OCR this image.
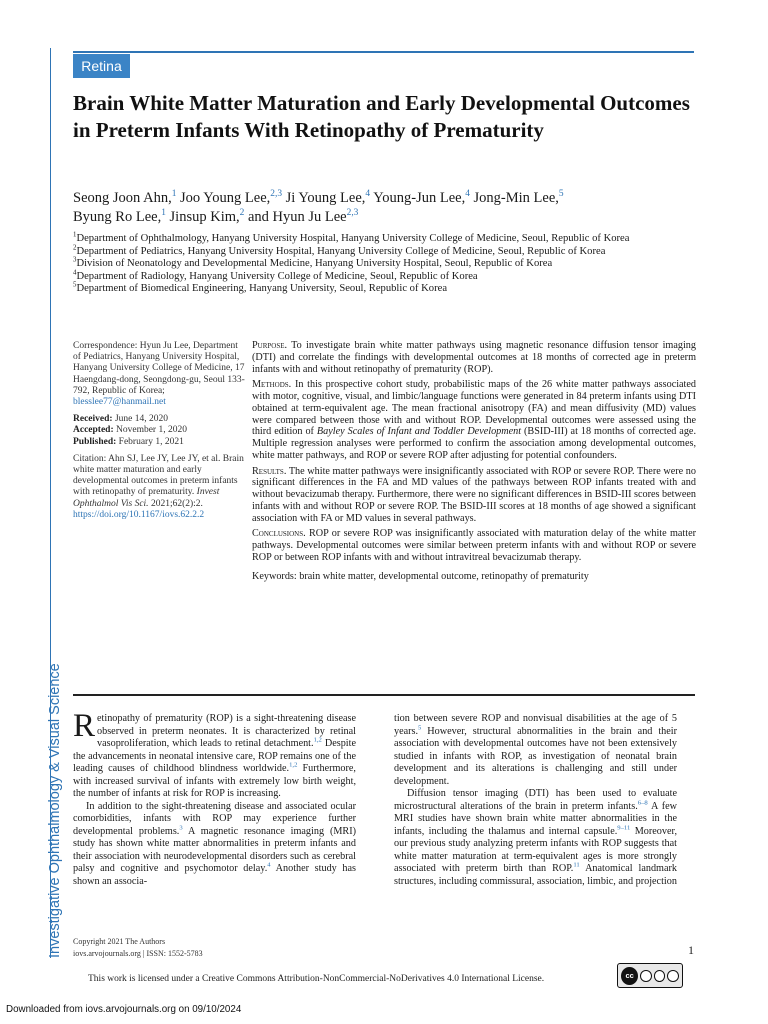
Investigative Ophthalmology & Visual Science
Retina
Brain White Matter Maturation and Early Developmental Outcomes in Preterm Infants With Retinopathy of Prematurity
Seong Joon Ahn,$^1$ Joo Young Lee,$^{2,3}$ Ji Young Lee,$^4$ Young-Jun Lee,$^4$ Jong-Min Lee,$^5$
Byung Ro Lee,$^1$ Jinsup Kim,$^2$ and Hyun Ju Lee$^{2,3}$
$^1$Department of Ophthalmology, Hanyang University Hospital, Hanyang University College of Medicine, Seoul, Republic of Korea
$^2$Department of Pediatrics, Hanyang University Hospital, Hanyang University College of Medicine, Seoul, Republic of Korea
$^3$Division of Neonatology and Developmental Medicine, Hanyang University Hospital, Seoul, Republic of Korea
$^4$Department of Radiology, Hanyang University College of Medicine, Seoul, Republic of Korea
$^5$Department of Biomedical Engineering, Hanyang University, Seoul, Republic of Korea
Correspondence: Hyun Ju Lee, Department of Pediatrics, Hanyang University Hospital, Hanyang University College of Medicine, 17 Haengdang-dong, Seongdong-gu, Seoul 133-792, Republic of Korea;
blesslee77@hanmail.net
Received: June 14, 2020
Accepted: November 1, 2020
Published: February 1, 2021
Citation: Ahn SJ, Lee JY, Lee JY, et al. Brain white matter maturation and early developmental outcomes in preterm infants with retinopathy of prematurity. Invest Ophthalmol Vis Sci. 2021;62(2):2.
https://doi.org/10.1167/iovs.62.2.2

Purpose. To investigate brain white matter pathways using magnetic resonance diffusion tensor imaging (DTI) and correlate the findings with developmental outcomes at 18 months of corrected age in preterm infants with and without retinopathy of prematurity (ROP).

Methods. In this prospective cohort study, probabilistic maps of the 26 white matter pathways associated with motor, cognitive, visual, and limbic/language functions were generated in 84 preterm infants using DTI obtained at term-equivalent age. The mean fractional anisotropy (FA) and mean diffusivity (MD) values were compared between those with and without ROP. Developmental outcomes were assessed using the third edition of Bayley Scales of Infant and Toddler Development (BSID-III) at 18 months of corrected age. Multiple regression analyses were performed to confirm the association among developmental outcomes, white matter pathways, and ROP or severe ROP after adjusting for potential confounders.

Results. The white matter pathways were insignificantly associated with ROP or severe ROP. There were no significant differences in the FA and MD values of the pathways between ROP infants treated with and without bevacizumab therapy. Furthermore, there were no significant differences in BSID-III scores between infants with and without ROP or severe ROP. The BSID-III scores at 18 months of age showed a significant association with FA or MD values in several pathways.

Conclusions. ROP or severe ROP was insignificantly associated with maturation delay of the white matter pathways. Developmental outcomes were similar between preterm infants with and without ROP or severe ROP or between ROP infants with and without intravitreal bevacizumab therapy.

Keywords: brain white matter, developmental outcome, retinopathy of prematurity

Retinopathy of prematurity (ROP) is a sight-threatening disease observed in preterm neonates. It is characterized by retinal vasoproliferation, which leads to retinal detachment.$^{1,2}$ Despite the advancements in neonatal intensive care, ROP remains one of the leading causes of childhood blindness worldwide.$^{1,2}$ Furthermore, with increased survival of infants with extremely low birth weight, the number of infants at risk for ROP is increasing.

In addition to the sight-threatening disease and associated ocular comorbidities, infants with ROP may experience further developmental problems.$^3$ A magnetic resonance imaging (MRI) study has shown white matter abnormalities in preterm infants and their association with neurodevelopmental disorders such as cerebral palsy and cognitive and psychomotor delay.$^4$ Another study has shown an associa-

tion between severe ROP and nonvisual disabilities at the age of 5 years.$^5$ However, structural abnormalities in the brain and their association with developmental outcomes have not been extensively studied in infants with ROP, as investigation of neonatal brain development and its alterations is challenging and still under development.

Diffusion tensor imaging (DTI) has been used to evaluate microstructural alterations of the brain in preterm infants.$^{6-8}$ A few MRI studies have shown brain white matter abnormalities in the infants, including the thalamus and internal capsule.$^{9-11}$ Moreover, our previous study analyzing preterm infants with ROP suggests that white matter maturation at term-equivalent ages is more strongly associated with preterm birth than ROP.$^{11}$ Anatomical landmark structures, including commissural, association, limbic, and projection

Copyright 2021 The Authors
iovs.arvojournals.org | ISSN: 1552-5783	1
This work is licensed under a Creative Commons Attribution-NonCommercial-NoDerivatives 4.0 International License.	cc
Downloaded from iovs.arvojournals.org on 09/10/2024
